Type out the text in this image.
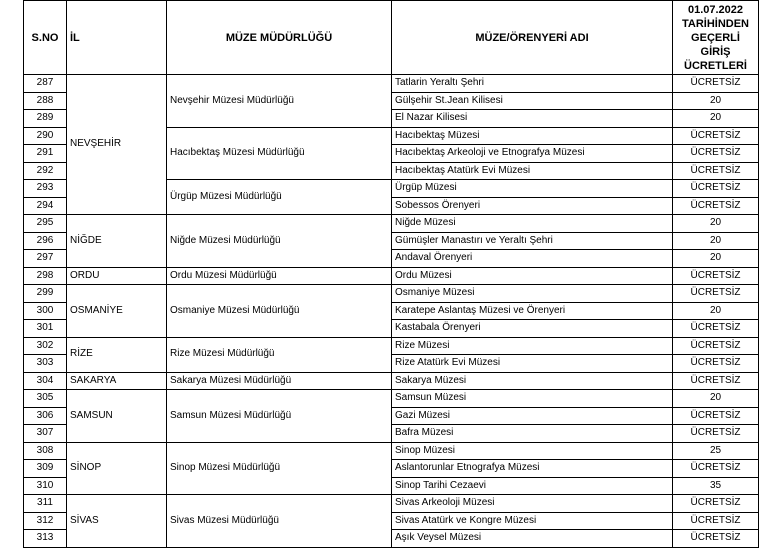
S.NO	İL	MÜZE MÜDÜRLÜĞÜ	MÜZE/ÖRENYERİ ADI	01.07.2022
TARİHİNDEN
GEÇERLİ GİRİŞ
ÜCRETLERİ

287	NEVŞEHİR	Nevşehir Müzesi Müdürlüğü	Tatlarin Yeraltı Şehri	ÜCRETSİZ
288			Gülşehir St.Jean Kilisesi	20
289			El Nazar Kilisesi	20
290		Hacıbektaş Müzesi Müdürlüğü	Hacıbektaş Müzesi	ÜCRETSİZ
291			Hacıbektaş Arkeoloji ve Etnografya Müzesi	ÜCRETSİZ
292			Hacıbektaş Atatürk Evi Müzesi	ÜCRETSİZ
293		Ürgüp Müzesi Müdürlüğü	Ürgüp Müzesi	ÜCRETSİZ
294			Sobessos Örenyeri	ÜCRETSİZ
295	NİĞDE	Niğde Müzesi Müdürlüğü	Niğde Müzesi	20
296			Gümüşler Manastırı ve Yeraltı Şehri	20
297			Andaval Örenyeri	20
298	ORDU	Ordu Müzesi Müdürlüğü	Ordu Müzesi	ÜCRETSİZ
299	OSMANİYE	Osmaniye Müzesi Müdürlüğü	Osmaniye Müzesi	ÜCRETSİZ
300			Karatepe Aslantaş Müzesi ve Örenyeri	20
301			Kastabala Örenyeri	ÜCRETSİZ
302	RİZE	Rize Müzesi Müdürlüğü	Rize Müzesi	ÜCRETSİZ
303			Rize Atatürk Evi Müzesi	ÜCRETSİZ
304	SAKARYA	Sakarya Müzesi Müdürlüğü	Sakarya Müzesi	ÜCRETSİZ
305	SAMSUN	Samsun Müzesi Müdürlüğü	Samsun Müzesi	20
306			Gazi Müzesi	ÜCRETSİZ
307			Bafra Müzesi	ÜCRETSİZ
308	SİNOP	Sinop Müzesi Müdürlüğü	Sinop Müzesi	25
309			Aslantorunlar Etnografya Müzesi	ÜCRETSİZ
310			Sinop Tarihi Cezaevi	35
311	SİVAS	Sivas Müzesi Müdürlüğü	Sivas Arkeoloji Müzesi	ÜCRETSİZ
312			Sivas Atatürk ve Kongre Müzesi	ÜCRETSİZ
313			Aşık Veysel Müzesi	ÜCRETSİZ
